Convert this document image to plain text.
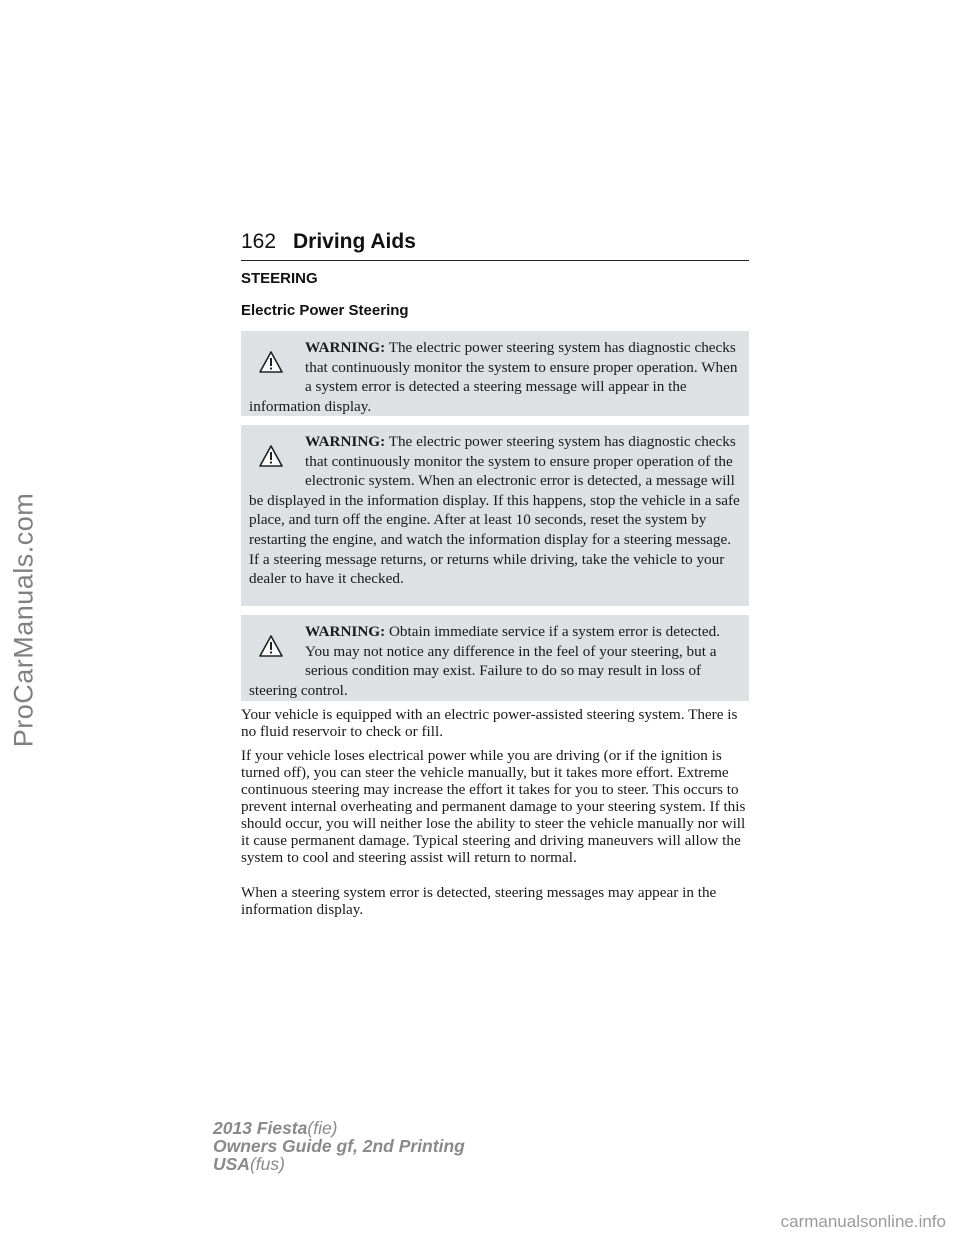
ProCarManuals.com
162 Driving Aids
STEERING
Electric Power Steering
WARNING: The electric power steering system has diagnostic checks that continuously monitor the system to ensure proper operation. When a system error is detected a steering message will appear in the information display.
WARNING: The electric power steering system has diagnostic checks that continuously monitor the system to ensure proper operation of the electronic system. When an electronic error is detected, a message will be displayed in the information display. If this happens, stop the vehicle in a safe place, and turn off the engine. After at least 10 seconds, reset the system by restarting the engine, and watch the information display for a steering message. If a steering message returns, or returns while driving, take the vehicle to your dealer to have it checked.
WARNING: Obtain immediate service if a system error is detected. You may not notice any difference in the feel of your steering, but a serious condition may exist. Failure to do so may result in loss of steering control.

Your vehicle is equipped with an electric power-assisted steering system. There is no fluid reservoir to check or fill.

If your vehicle loses electrical power while you are driving (or if the ignition is turned off), you can steer the vehicle manually, but it takes more effort. Extreme continuous steering may increase the effort it takes for you to steer. This occurs to prevent internal overheating and permanent damage to your steering system. If this should occur, you will neither lose the ability to steer the vehicle manually nor will it cause permanent damage. Typical steering and driving maneuvers will allow the system to cool and steering assist will return to normal.

When a steering system error is detected, steering messages may appear in the information display.

2013 Fiesta(fie)
Owners Guide gf, 2nd Printing
USA(fus)
carmanualsonline.info
